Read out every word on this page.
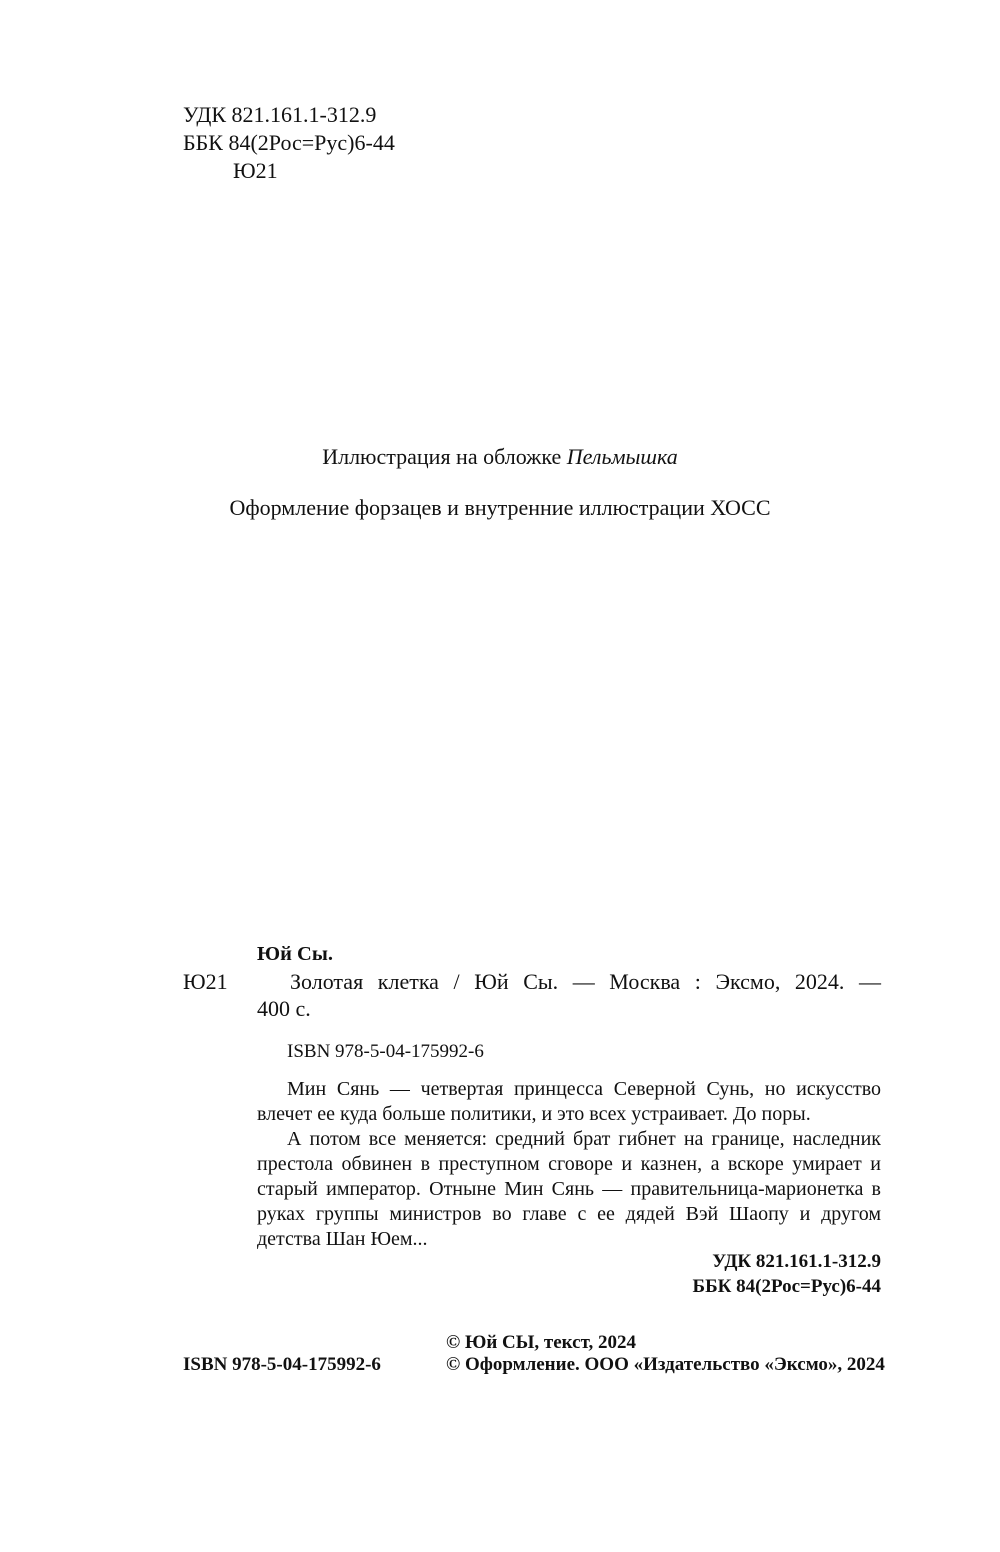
УДК 821.161.1-312.9
ББК 84(2Рос=Рус)6-44
Ю21
Иллюстрация на обложке Пельмышка
Оформление форзацев и внутренние иллюстрации ХОСС
Юй Сы.
Ю21	Золотая клетка / Юй Сы. — Москва : Эксмо, 2024. —
400 с.
ISBN 978-5-04-175992-6

Мин Сянь — четвертая принцесса Северной Сунь, но искусство влечет ее куда больше политики, и это всех устраивает. До поры.

А потом все меняется: средний брат гибнет на границе, наследник престола обвинен в преступном сговоре и казнен, а вскоре умирает и старый император. Отныне Мин Сянь — правительница-марионетка в руках группы министров во главе с ее дядей Вэй Шаопу и другом детства Шан Юем...

УДК 821.161.1-312.9
ББК 84(2Рос=Рус)6-44
© Юй СЫ, текст, 2024
ISBN 978-5-04-175992-6	© Оформление. ООО «Издательство «Эксмо», 2024
